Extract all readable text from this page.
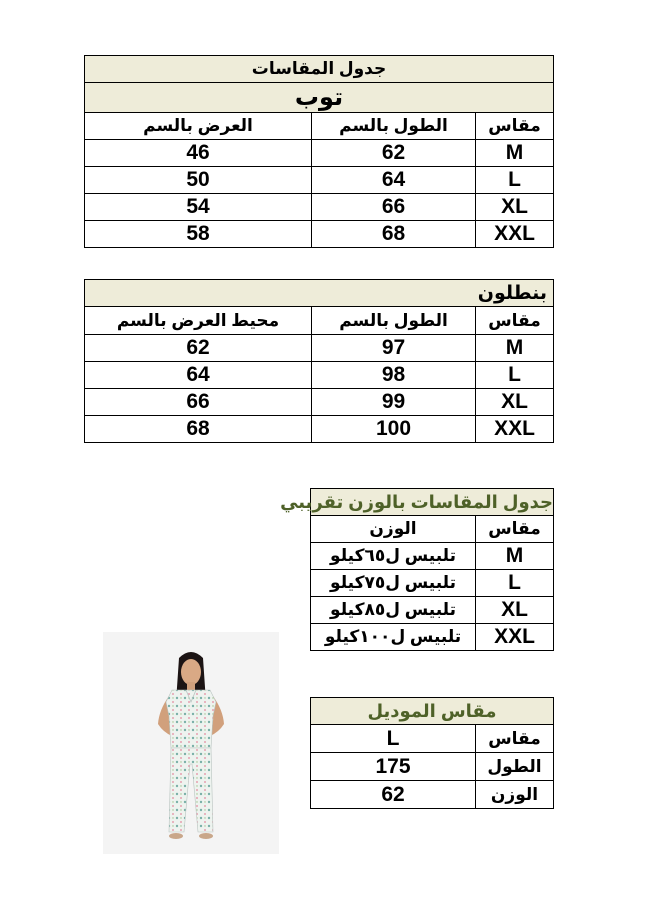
جدول المقاسات		
توب		
مقاس	الطول بالسم	العرض بالسم
M	62	46
L	64	50
XL	66	54
XXL	68	58
بنطلون		
مقاس	الطول بالسم	محيط العرض بالسم
M	97	62
L	98	64
XL	99	66
XXL	100	68
جدول المقاسات بالوزن تقريبي	
مقاس	الوزن
M	تلبيس ل٦٥كيلو
L	تلبيس ل٧٥كيلو
XL	تلبيس ل٨٥كيلو
XXL	تلبيس ل١٠٠كيلو
مقاس الموديل	
مقاس	L
الطول	175
الوزن	62
